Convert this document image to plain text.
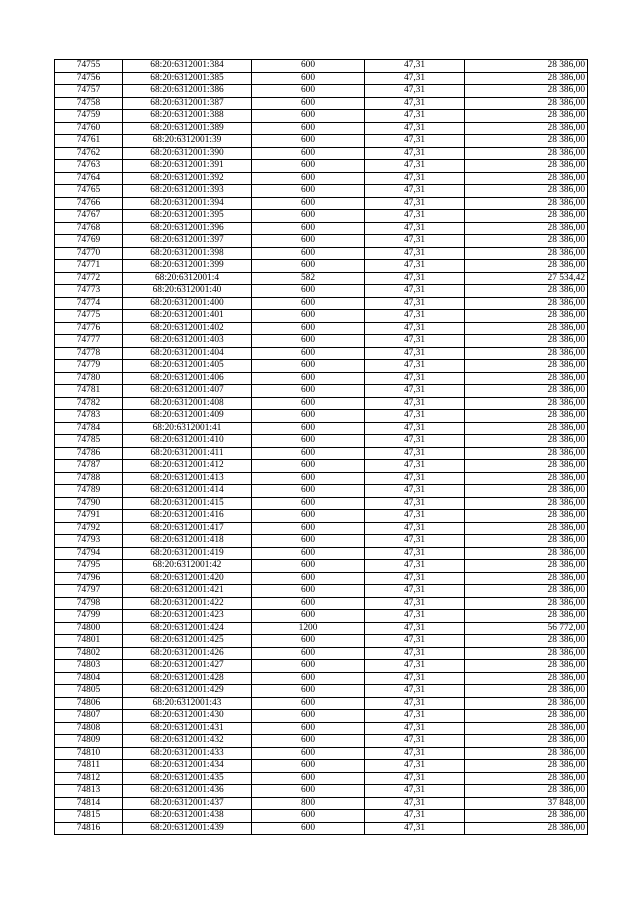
74755	68:20:6312001:384	600	47,31	28 386,00
74756	68:20:6312001:385	600	47,31	28 386,00
74757	68:20:6312001:386	600	47,31	28 386,00
74758	68:20:6312001:387	600	47,31	28 386,00
74759	68:20:6312001:388	600	47,31	28 386,00
74760	68:20:6312001:389	600	47,31	28 386,00
74761	68:20:6312001:39	600	47,31	28 386,00
74762	68:20:6312001:390	600	47,31	28 386,00
74763	68:20:6312001:391	600	47,31	28 386,00
74764	68:20:6312001:392	600	47,31	28 386,00
74765	68:20:6312001:393	600	47,31	28 386,00
74766	68:20:6312001:394	600	47,31	28 386,00
74767	68:20:6312001:395	600	47,31	28 386,00
74768	68:20:6312001:396	600	47,31	28 386,00
74769	68:20:6312001:397	600	47,31	28 386,00
74770	68:20:6312001:398	600	47,31	28 386,00
74771	68:20:6312001:399	600	47,31	28 386,00
74772	68:20:6312001:4	582	47,31	27 534,42
74773	68:20:6312001:40	600	47,31	28 386,00
74774	68:20:6312001:400	600	47,31	28 386,00
74775	68:20:6312001:401	600	47,31	28 386,00
74776	68:20:6312001:402	600	47,31	28 386,00
74777	68:20:6312001:403	600	47,31	28 386,00
74778	68:20:6312001:404	600	47,31	28 386,00
74779	68:20:6312001:405	600	47,31	28 386,00
74780	68:20:6312001:406	600	47,31	28 386,00
74781	68:20:6312001:407	600	47,31	28 386,00
74782	68:20:6312001:408	600	47,31	28 386,00
74783	68:20:6312001:409	600	47,31	28 386,00
74784	68:20:6312001:41	600	47,31	28 386,00
74785	68:20:6312001:410	600	47,31	28 386,00
74786	68:20:6312001:411	600	47,31	28 386,00
74787	68:20:6312001:412	600	47,31	28 386,00
74788	68:20:6312001:413	600	47,31	28 386,00
74789	68:20:6312001:414	600	47,31	28 386,00
74790	68:20:6312001:415	600	47,31	28 386,00
74791	68:20:6312001:416	600	47,31	28 386,00
74792	68:20:6312001:417	600	47,31	28 386,00
74793	68:20:6312001:418	600	47,31	28 386,00
74794	68:20:6312001:419	600	47,31	28 386,00
74795	68:20:6312001:42	600	47,31	28 386,00
74796	68:20:6312001:420	600	47,31	28 386,00
74797	68:20:6312001:421	600	47,31	28 386,00
74798	68:20:6312001:422	600	47,31	28 386,00
74799	68:20:6312001:423	600	47,31	28 386,00
74800	68:20:6312001:424	1200	47,31	56 772,00
74801	68:20:6312001:425	600	47,31	28 386,00
74802	68:20:6312001:426	600	47,31	28 386,00
74803	68:20:6312001:427	600	47,31	28 386,00
74804	68:20:6312001:428	600	47,31	28 386,00
74805	68:20:6312001:429	600	47,31	28 386,00
74806	68:20:6312001:43	600	47,31	28 386,00
74807	68:20:6312001:430	600	47,31	28 386,00
74808	68:20:6312001:431	600	47,31	28 386,00
74809	68:20:6312001:432	600	47,31	28 386,00
74810	68:20:6312001:433	600	47,31	28 386,00
74811	68:20:6312001:434	600	47,31	28 386,00
74812	68:20:6312001:435	600	47,31	28 386,00
74813	68:20:6312001:436	600	47,31	28 386,00
74814	68:20:6312001:437	800	47,31	37 848,00
74815	68:20:6312001:438	600	47,31	28 386,00
74816	68:20:6312001:439	600	47,31	28 386,00
